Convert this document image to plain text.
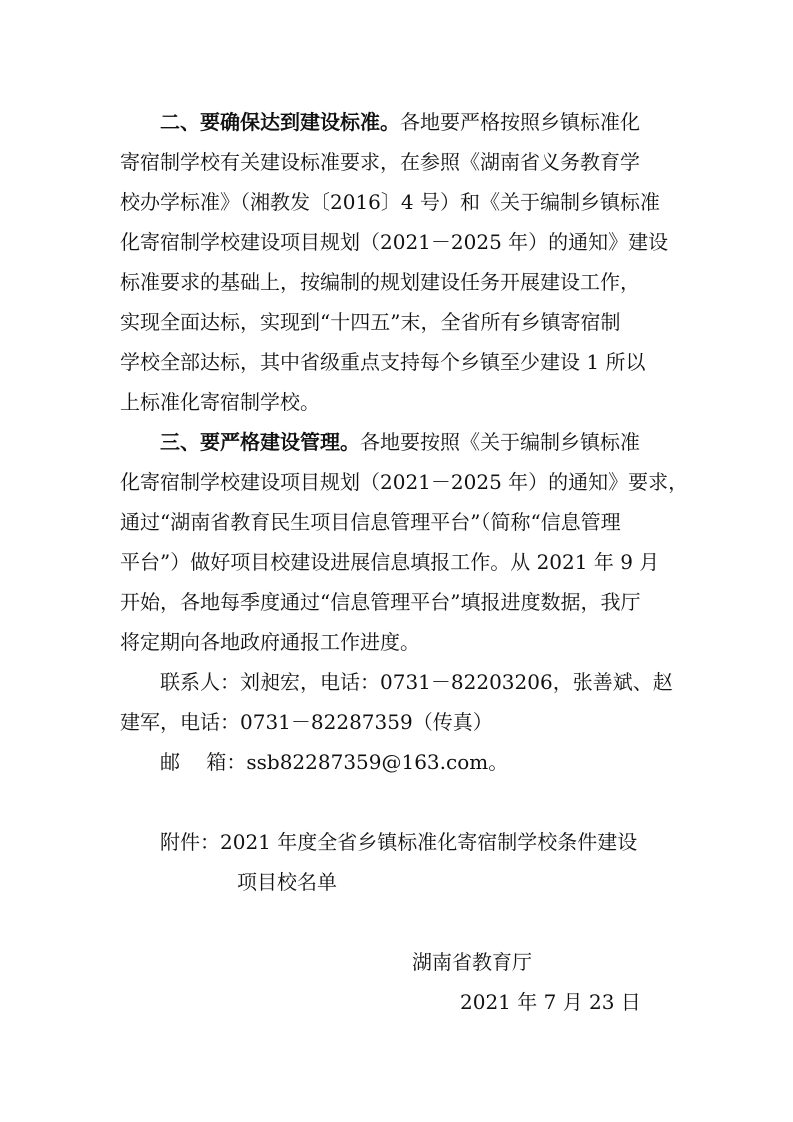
二、要确保达到建设标准。各地要严格按照乡镇标准化
寄宿制学校有关建设标准要求，在参照《湖南省义务教育学
校办学标准》（湘教发〔2016〕4 号）和《关于编制乡镇标准
化寄宿制学校建设项目规划（2021－2025 年）的通知》建设
标准要求的基础上，按编制的规划建设任务开展建设工作，
实现全面达标，实现到“十四五”末，全省所有乡镇寄宿制
学校全部达标，其中省级重点支持每个乡镇至少建设 1 所以
上标准化寄宿制学校。
三、要严格建设管理。各地要按照《关于编制乡镇标准
化寄宿制学校建设项目规划（2021－2025 年）的通知》要求，
通过“湖南省教育民生项目信息管理平台”（简称“信息管理
平台”）做好项目校建设进展信息填报工作。从 2021 年 9 月
开始，各地每季度通过“信息管理平台”填报进度数据，我厅
将定期向各地政府通报工作进度。
联系人：刘昶宏，电话：0731－82203206，张善斌、赵
建军，电话：0731－82287359（传真）
邮　 箱：ssb82287359@163.com。
附件：2021 年度全省乡镇标准化寄宿制学校条件建设
项目校名单
湖南省教育厅
2021 年 7 月 23 日
